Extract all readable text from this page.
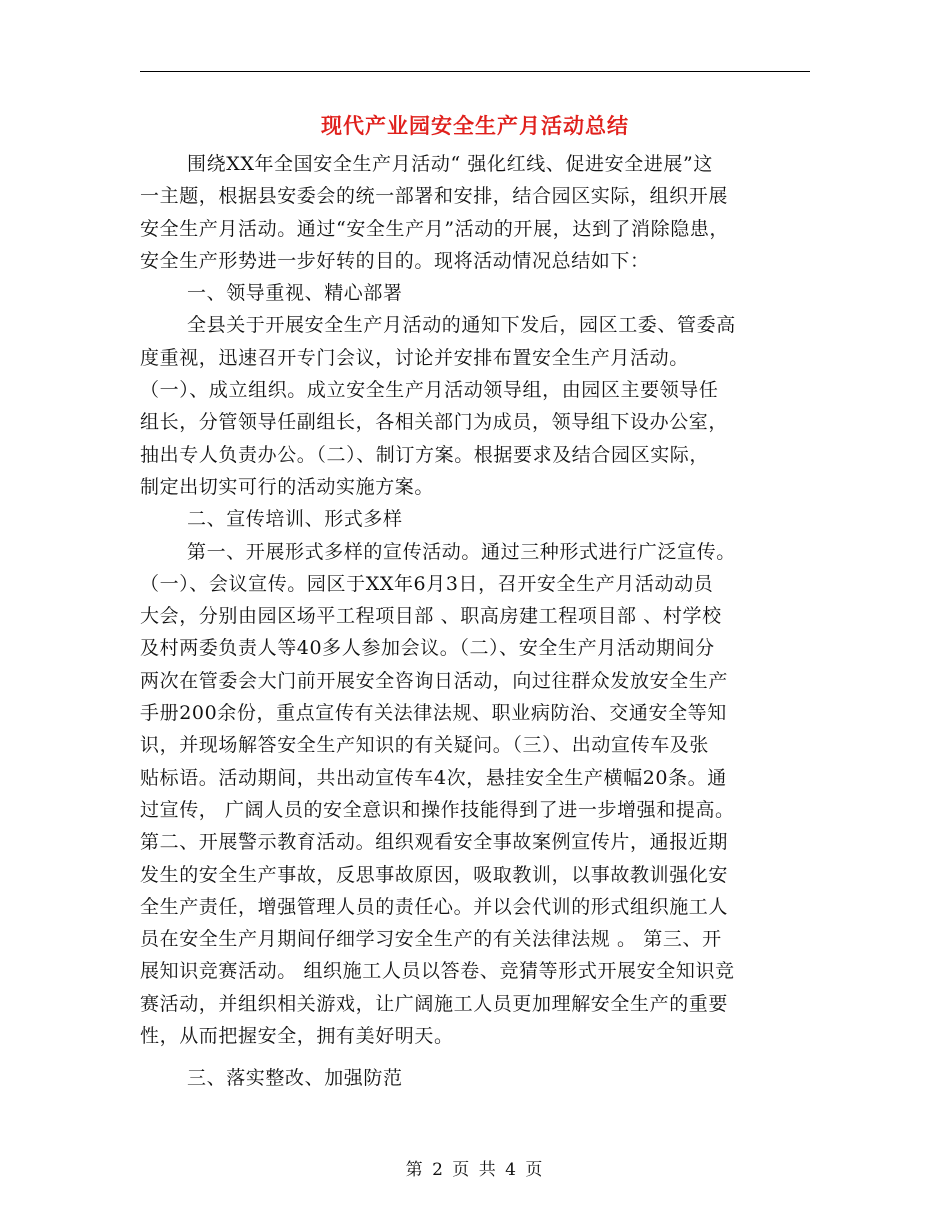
现代产业园安全生产月活动总结

围绕XX年全国安全生产月活动“ 强化红线、促进安全进展”这

一主题，根据县安委会的统一部署和安排，结合园区实际，组织开展

安全生产月活动。通过“安全生产月”活动的开展，达到了消除隐患，

安全生产形势进一步好转的目的。现将活动情况总结如下：

一、领导重视、精心部署

全县关于开展安全生产月活动的通知下发后，园区工委、管委高

度重视，迅速召开专门会议，讨论并安排布置安全生产月活动。

（一）、成立组织。成立安全生产月活动领导组，由园区主要领导任

组长，分管领导任副组长，各相关部门为成员，领导组下设办公室，

抽出专人负责办公。（二）、制订方案。根据要求及结合园区实际，

制定出切实可行的活动实施方案。

二、宣传培训、形式多样

第一、开展形式多样的宣传活动。通过三种形式进行广泛宣传。

（一）、会议宣传。园区于XX年6月3日，召开安全生产月活动动员

大会，分别由园区场平工程项目部 、职高房建工程项目部 、村学校

及村两委负责人等40多人参加会议。（二）、安全生产月活动期间分

两次在管委会大门前开展安全咨询日活动，向过往群众发放安全生产

手册200余份，重点宣传有关法律法规、职业病防治、交通安全等知

识，并现场解答安全生产知识的有关疑问。（三）、出动宣传车及张

贴标语。活动期间，共出动宣传车4次，悬挂安全生产横幅20条。通

过宣传， 广阔人员的安全意识和操作技能得到了进一步增强和提高。

第二、开展警示教育活动。组织观看安全事故案例宣传片，通报近期

发生的安全生产事故，反思事故原因，吸取教训，以事故教训强化安

全生产责任，增强管理人员的责任心。并以会代训的形式组织施工人

员在安全生产月期间仔细学习安全生产的有关法律法规 。 第三、开

展知识竞赛活动。 组织施工人员以答卷、竞猜等形式开展安全知识竞

赛活动，并组织相关游戏，让广阔施工人员更加理解安全生产的重要

性，从而把握安全，拥有美好明天。

三、落实整改、加强防范

第 2 页 共 4 页
